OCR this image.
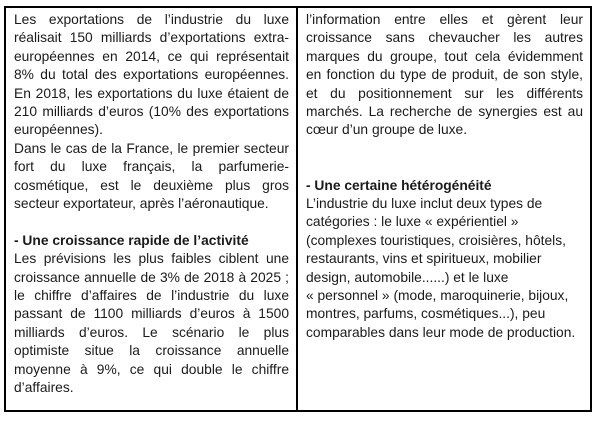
Les exportations de l’industrie du luxe réalisait 150 milliards d’exportations extra-européennes en 2014, ce qui représentait 8% du total des exportations européennes. En 2018, les exportations du luxe étaient de 210 milliards d’euros (10% des exportations européennes).

Dans le cas de la France, le premier secteur fort du luxe français, la parfumerie-cosmétique, est le deuxième plus gros secteur exportateur, après l’aéronautique.

- Une croissance rapide de l’activité

Les prévisions les plus faibles ciblent une croissance annuelle de 3% de 2018 à 2025 ; le chiffre d’affaires de l’industrie du luxe passant de 1100 milliards d’euros à 1500 milliards d’euros. Le scénario le plus optimiste situe la croissance annuelle moyenne à 9%, ce qui double le chiffre d’affaires.

l’information entre elles et gèrent leur croissance sans chevaucher les autres marques du groupe, tout cela évidemment en fonction du type de produit, de son style, et du positionnement sur les différents marchés. La recherche de synergies est au cœur d’un groupe de luxe.

- Une certaine hétérogénéité

L’industrie du luxe inclut deux types de catégories : le luxe « expérientiel » (complexes touristiques, croisières, hôtels, restaurants, vins et spiritueux, mobilier design, automobile......) et le luxe « personnel » (mode, maroquinerie, bijoux, montres, parfums, cosmétiques...), peu comparables dans leur mode de production.
